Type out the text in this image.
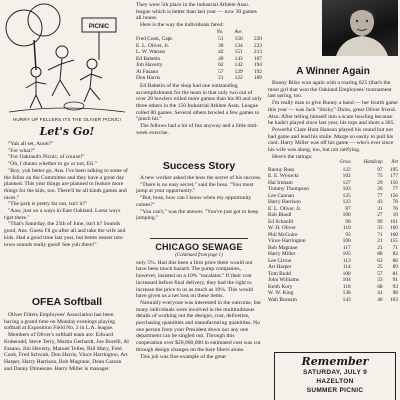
PICNIC
HURRY UP FELLERS ITS THE OLIVER PICNIC!
Let's Go!

"Yah all set, Anon?"

"For what?"

"For Oakland's Picnic, of course!"

"Oh, I dunno whether to go or not, Eli."

"Boy, yuh better go, Ans. I've been talking to some of the fellas on the Committee and they have a great day planned. This year things are planned to feature more things for the kids, too. There'll be all kinds games and races."

"The park is pretty far out, isn't it?"

"Aaw, just on a ways in East Oakland. Lotsa ways t'get there."

"That's Saturday, the 25th of June, isn't it? Sounds good, Ans. Guess I'll go after all and take the wife and kids. Had a good time last year, but better nearer into town sounds really good! See yuh there!"

OFEA Softball

Oliver Filters Employees' Association has been having a grand time on Monday evenings playing softball at Exposition Field No. 3 in L.A. league.

Members of Oliver's softball team are: Edward Kuberadd, Steve Terry, Martin Gerhardt, Joe Borelli, Al Fasano, Jim Haverty, Manuel Telles, Bill Mary, Fred Cook, Fred Schwab, Don Harris, Vince Harrington, Art Harper, Harry Harrison, Bob Magrane, Dean Carson and Danny Dimessne. Harry Miller is manager.

They were 5th place in the industrial Athlete Assn. league which is better than last year — now 30 games all house.

Here is the way the individuals fared:

	No.	Ave.	
Fred Cook, Capt.	51	150	220
E. L. Oliver, Jr.	30	134	223
L. W. Watson	42	151	213
Ed Bahetin	40	143	187
Jim Haverty	62	142	194
Al Fasano	57	129	192
Don Harris	21	122	189

Ed Bahetin of the shop had one outstanding accomplishment for the team in that only two out of over 20 bowlers rolled more games than his 80 and only three others in the 150 Industrial Athlete Assn. League rolled 80 games. Several others bowled a few games to "pinch hit."

The fellows had a lot of fun anyway and a little mid-week exercise.

Success Story

A new worker asked the boss the secret of his success.

"There is no easy secret," said the boss. "You must jump at your opportunity."

"But, boss, how can I know when my opportunity comes?"

"You can't," was the answer. "You've just got to keep jumping."

CHICAGO SEWAGE

(Continued from page 1)

only 5%. Had this been a firm price there would not have been much hazard. The pump companies, however, insisted on a 10% "escalator." If their cost increased before final delivery, they had the right to increase the price to us as much as 10%. This would have given us a net loss on these items.

Naturally everyone was interested in the outcome, but many individuals were involved in the multitudinous details of working out the designs, cost, deliveries, purchasing quantities and manufacturing quantities. No one person from your President down nor any one department can be singled out. Through this cooperation over $20,000,000 in estimated cost was cut through design changes on the bare filters alone.

This job was fine example of the great

A Winner Again

Bunny Rilso won again with a roaring 825 (that's the most girl that won the Oakland Employees' tournament last spring, too.

I'm really man to give Bunny a hand — her fourth game this year — was Jack "Sticky" Dicks, great Oliver friend. Also. After telling himself into a scare bowling because he hadn't played since last year, his tops and shots a 285.

Powerful Clare Hunt Hanson played his round but not bad game and lead his smile. Marge so easily to pull his cool. Harry Miller was off his game — who's ever since his wife was along, too, but not ratifying.

Here's the ratings:

	Gross	Handicap	Net
Bunny Russ	122	97	195
E. E. Wysocki	102	75	177
Hal Irnham	127	29	156
Tommy Thompson	103	26	77
Lee Cannan	125	77	156
Harry Harrison	123	43	78
E. L. Oliver, Jr.	87	31	76
Bob Blaull	100	27	19
Ed Schanfil	90	99	161
W. H. Oliver	110	33	160
Phil McGuire	93	71	160
Vince Harrington	100	21	155
Bob Magrane	117	21	71
Harry Miller	105	88	82
Lee Cirron	113	63	86
Art Harper	114	25	89
Tom Budd	108	57	81
John Williams	104	33	91
Keith Kory	118	68	93
W. W. King	138	41	98
Walt Burnam	143	40	103
Remember
SATURDAY, JULY 9
HAZELTON
SUMMER PICNIC
